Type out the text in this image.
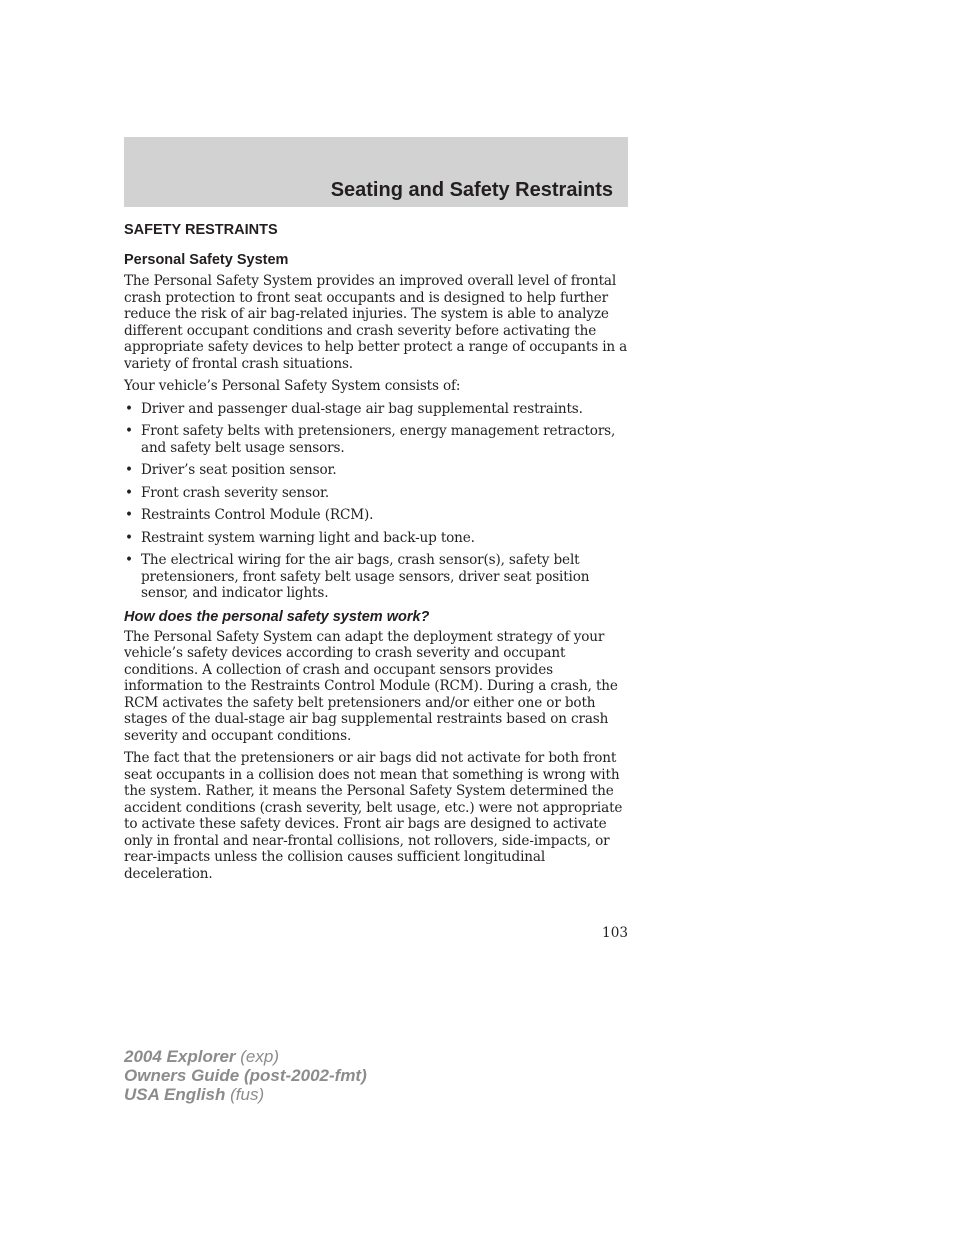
Seating and Safety Restraints
SAFETY RESTRAINTS
Personal Safety System

The Personal Safety System provides an improved overall level of frontal crash protection to front seat occupants and is designed to help further reduce the risk of air bag-related injuries. The system is able to analyze different occupant conditions and crash severity before activating the appropriate safety devices to help better protect a range of occupants in a variety of frontal crash situations.

Your vehicle’s Personal Safety System consists of:

• Driver and passenger dual-stage air bag supplemental restraints.
• Front safety belts with pretensioners, energy management retractors, and safety belt usage sensors.
• Driver’s seat position sensor.
• Front crash severity sensor.
• Restraints Control Module (RCM).
• Restraint system warning light and back-up tone.
• The electrical wiring for the air bags, crash sensor(s), safety belt pretensioners, front safety belt usage sensors, driver seat position sensor, and indicator lights.
How does the personal safety system work?

The Personal Safety System can adapt the deployment strategy of your vehicle’s safety devices according to crash severity and occupant conditions. A collection of crash and occupant sensors provides information to the Restraints Control Module (RCM). During a crash, the RCM activates the safety belt pretensioners and/or either one or both stages of the dual-stage air bag supplemental restraints based on crash severity and occupant conditions.

The fact that the pretensioners or air bags did not activate for both front seat occupants in a collision does not mean that something is wrong with the system. Rather, it means the Personal Safety System determined the accident conditions (crash severity, belt usage, etc.) were not appropriate to activate these safety devices. Front air bags are designed to activate only in frontal and near-frontal collisions, not rollovers, side-impacts, or rear-impacts unless the collision causes sufficient longitudinal deceleration.

103
2004 Explorer (exp)
Owners Guide (post-2002-fmt)
USA English (fus)
